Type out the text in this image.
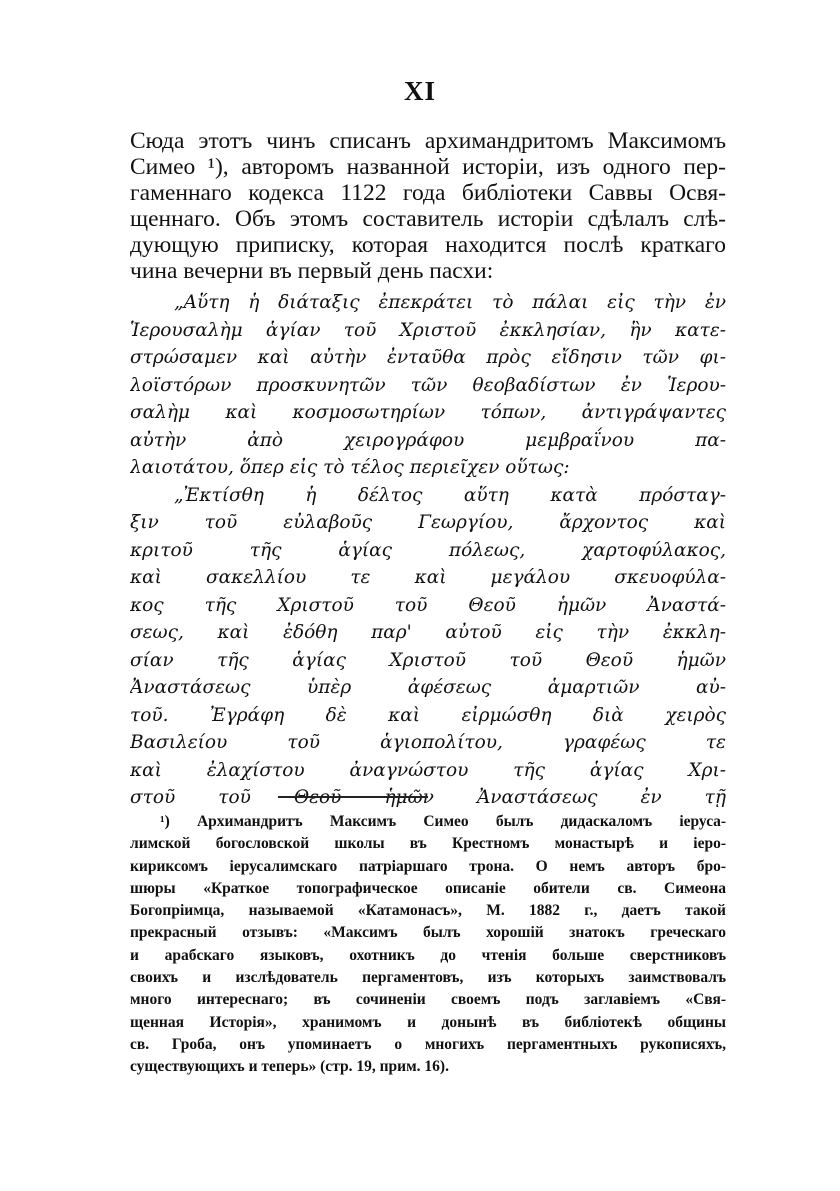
XI
Сюда этотъ чинъ списанъ архимандритомъ Максимомъ
Симео ¹), авторомъ названной исторіи, изъ одного пер-
гаменнаго кодекса 1122 года библіотеки Саввы Освя-
щеннаго. Объ этомъ составитель исторіи сдѣлалъ слѣ-
дующую приписку, которая находится послѣ краткаго
чина вечерни въ первый день пасхи:
„Αὕτη ἡ διάταξις ἐπεκράτει τὸ πάλαι εἰς τὴν ἐν
Ἱερουσαλὴμ ἁγίαν τοῦ Χριστοῦ ἐκκλησίαν, ἣν κατε-
στρώσαμεν καὶ αὐτὴν ἐνταῦθα πρὸς εἴδησιν τῶν φι-
λοϊστόρων προσκυνητῶν τῶν θεοβαδίστων ἐν Ἱερου-
σαλὴμ καὶ κοσμοσωτηρίων τόπων, ἀντιγράψαντες
αὐτὴν ἀπὸ χειρογράφου μεμβραΐνου πα-
λαιοτάτου, ὅπερ εἰς τὸ τέλος περιεῖχεν οὕτως:
„Ἐκτίσθη ἡ δέλτος αὕτη κατὰ πρόσταγ-
ξιν τοῦ εὐλαβοῦς Γεωργίου, ἄρχοντος καὶ
κριτοῦ τῆς ἁγίας πόλεως, χαρτοφύλακος,
καὶ σακελλίου τε καὶ μεγάλου σκευοφύλα-
κος τῆς Χριστοῦ τοῦ Θεοῦ ἡμῶν Ἀναστά-
σεως, καὶ ἐδόθη παρ' αὐτοῦ εἰς τὴν ἐκκλη-
σίαν τῆς ἁγίας Χριστοῦ τοῦ Θεοῦ ἡμῶν
Ἀναστάσεως ὑπὲρ ἀφέσεως ἁμαρτιῶν αὐ-
τοῦ. Ἐγράφη δὲ καὶ εἰρμώσθη διὰ χειρὸς
Βασιλείου τοῦ ἁγιοπολίτου, γραφέως τε
καὶ ἐλαχίστου ἀναγνώστου τῆς ἁγίας Χρι-
στοῦ τοῦ Θεοῦ ἡμῶν Ἀναστάσεως ἐν τῇ
¹) Архимандритъ Максимъ Симео былъ дидаскаломъ іерусa-
лимской богословской школы въ Крестномъ монастырѣ и іеро-
кириксомъ іерусалимскаго патріаршаго трона. О немъ авторъ бро-
шюры «Краткое топографическое описаніе обители св. Симеона
Богопріимца, называемой «Катамонасъ», М. 1882 г., даетъ такой
прекрасный отзывъ: «Максимъ былъ хорошій знатокъ греческаго
и арабскаго языковъ, охотникъ до чтенія больше сверстниковъ
своихъ и изслѣдователь пергаментовъ, изъ которыхъ заимствовалъ
много интереснаго; въ сочиненіи своемъ подъ заглавіемъ «Свя-
щенная Исторія», хранимомъ и донынѣ въ библіотекѣ общины
св. Гроба, онъ упоминаетъ о многихъ пергаментныхъ рукописяхъ,
существующихъ и теперь» (стр. 19, прим. 16).
